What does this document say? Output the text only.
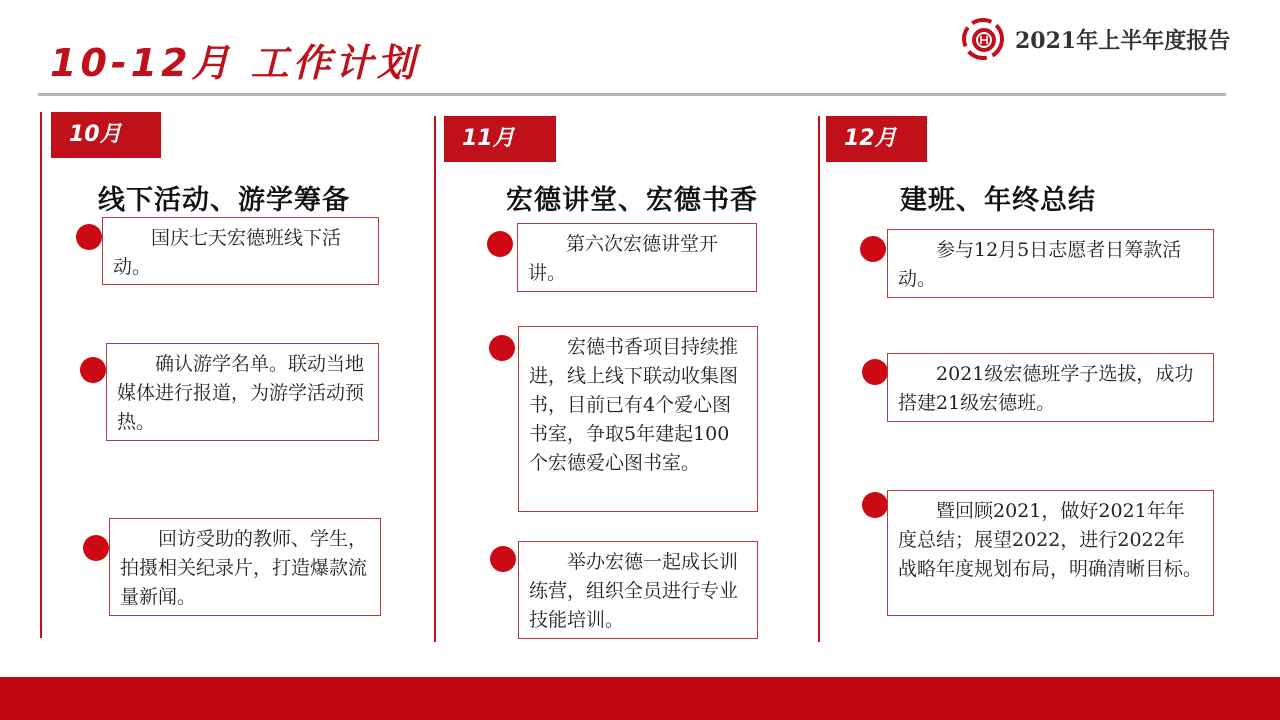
10-12月 工作计划	2021年上半年度报告
10月
线下活动、游学筹备
国庆七天宏德班线下活动。
确认游学名单。联动当地媒体进行报道，为游学活动预热。
回访受助的教师、学生，拍摄相关纪录片，打造爆款流量新闻。
11月
宏德讲堂、宏德书香
第六次宏德讲堂开讲。
宏德书香项目持续推进，线上线下联动收集图书，目前已有4个爱心图书室，争取5年建起100个宏德爱心图书室。
举办宏德一起成长训练营，组织全员进行专业技能培训。
12月
建班、年终总结
参与12月5日志愿者日筹款活动。
2021级宏德班学子选拔，成功搭建21级宏德班。
暨回顾2021，做好2021年年度总结；展望2022，进行2022年战略年度规划布局，明确清晰目标。
